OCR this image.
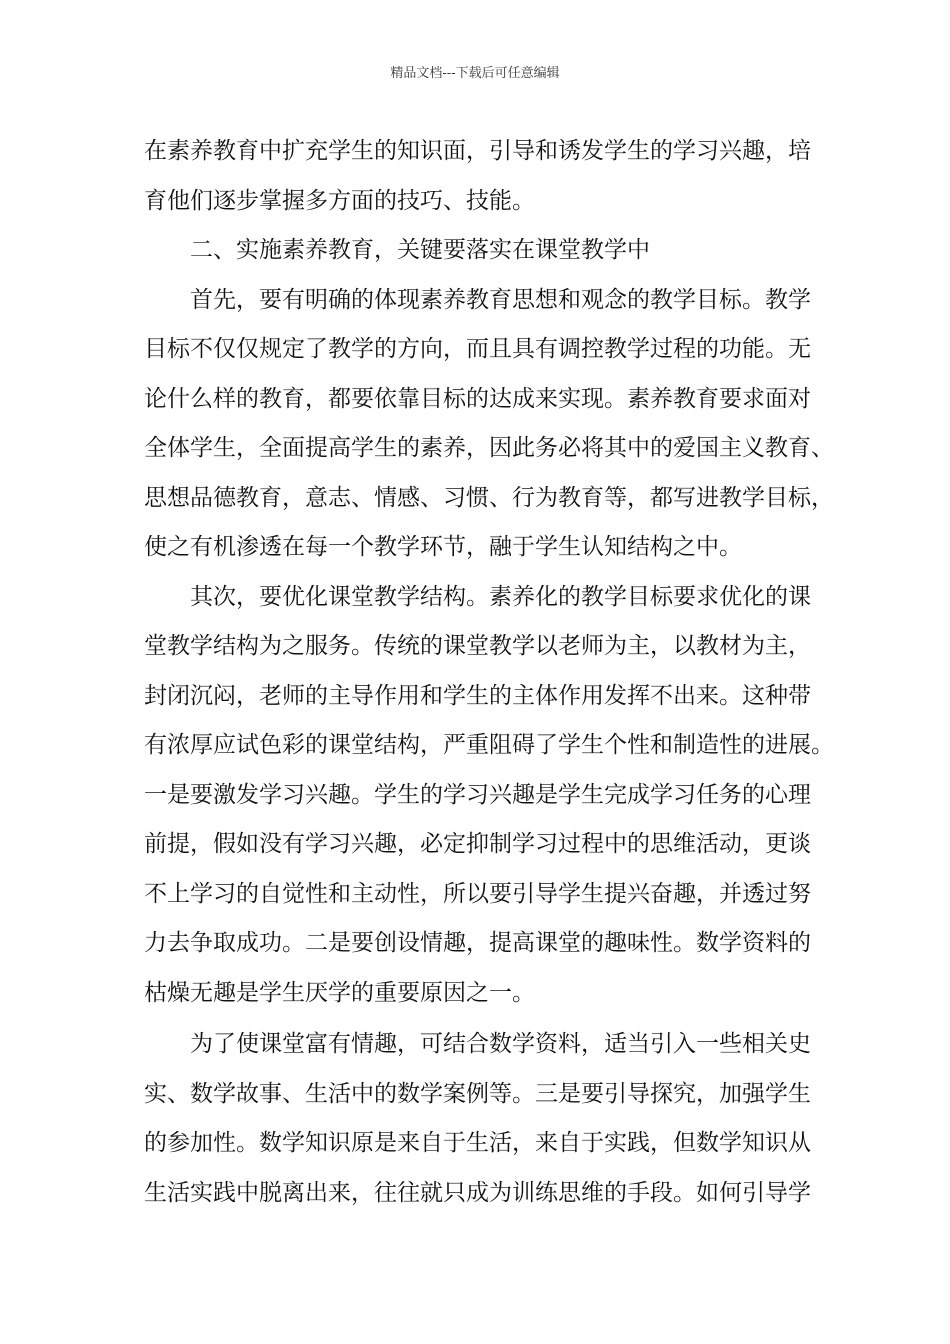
精品文档---下载后可任意编辑
在素养教育中扩充学生的知识面，引导和诱发学生的学习兴趣，培
育他们逐步掌握多方面的技巧、技能。
　　二、实施素养教育，关键要落实在课堂教学中
　　首先，要有明确的体现素养教育思想和观念的教学目标。教学
目标不仅仅规定了教学的方向，而且具有调控教学过程的功能。无
论什么样的教育，都要依靠目标的达成来实现。素养教育要求面对
全体学生，全面提高学生的素养，因此务必将其中的爱国主义教育、
思想品德教育，意志、情感、习惯、行为教育等，都写进教学目标，
使之有机渗透在每一个教学环节，融于学生认知结构之中。
　　其次，要优化课堂教学结构。素养化的教学目标要求优化的课
堂教学结构为之服务。传统的课堂教学以老师为主，以教材为主，
封闭沉闷，老师的主导作用和学生的主体作用发挥不出来。这种带
有浓厚应试色彩的课堂结构，严重阻碍了学生个性和制造性的进展。
一是要激发学习兴趣。学生的学习兴趣是学生完成学习任务的心理
前提，假如没有学习兴趣，必定抑制学习过程中的思维活动，更谈
不上学习的自觉性和主动性，所以要引导学生提兴奋趣，并透过努
力去争取成功。二是要创设情趣，提高课堂的趣味性。数学资料的
枯燥无趣是学生厌学的重要原因之一。
　　为了使课堂富有情趣，可结合数学资料，适当引入一些相关史
实、数学故事、生活中的数学案例等。三是要引导探究，加强学生
的参加性。数学知识原是来自于生活，来自于实践，但数学知识从
生活实践中脱离出来，往往就只成为训练思维的手段。如何引导学
